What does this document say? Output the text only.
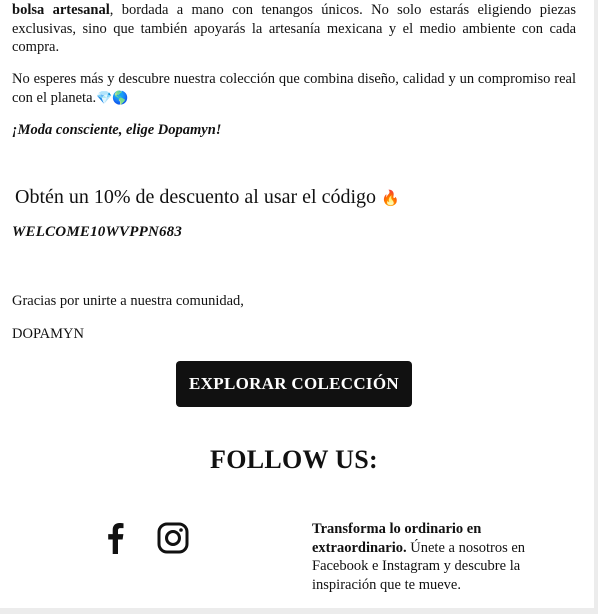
bolsa artesanal, bordada a mano con tenangos únicos. No solo estarás eligiendo piezas exclusivas, sino que también apoyarás la artesanía mexicana y el medio ambiente con cada compra.

No esperes más y descubre nuestra colección que combina diseño, calidad y un compromiso real con el planeta.💎🌎

¡Moda consciente, elige Dopamyn!

Obtén un 10% de descuento al usar el código 🔥

WELCOME10WVPPN683

Gracias por unirte a nuestra comunidad,

DOPAMYN

EXPLORAR COLECCIÓN
FOLLOW US:
Transforma lo ordinario en extraordinario. Únete a nosotros en Facebook e Instagram y descubre la inspiración que te mueve.
